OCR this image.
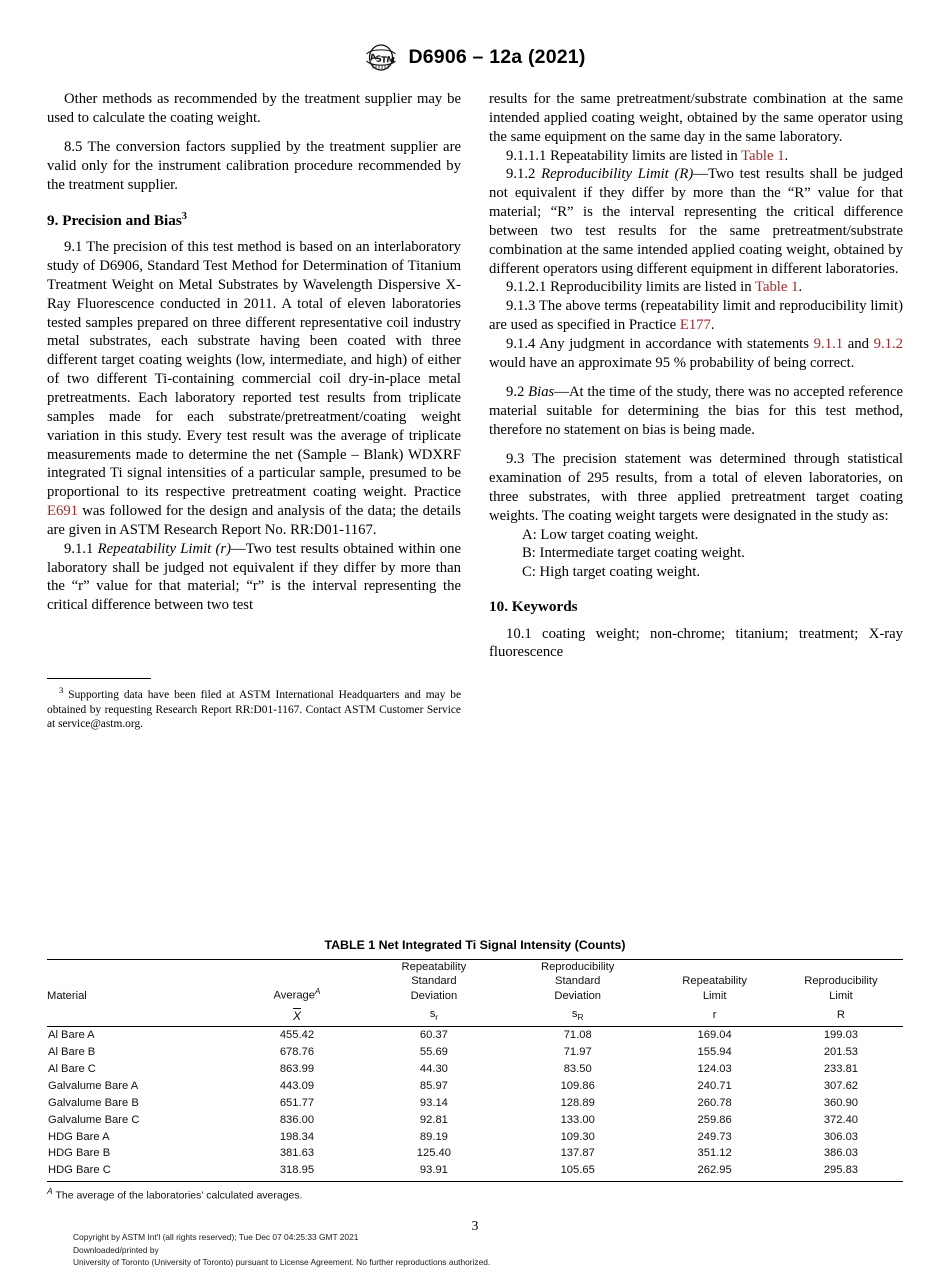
A
S
T
M D6906 – 12a (2021)

Other methods as recommended by the treatment supplier may be used to calculate the coating weight.

8.5 The conversion factors supplied by the treatment supplier are valid only for the instrument calibration procedure recommended by the treatment supplier.

9. Precision and Bias$^3$

9.1 The precision of this test method is based on an interlaboratory study of D6906, Standard Test Method for Determination of Titanium Treatment Weight on Metal Substrates by Wavelength Dispersive X-Ray Fluorescence conducted in 2011. A total of eleven laboratories tested samples prepared on three different representative coil industry metal substrates, each substrate having been coated with three different target coating weights (low, intermediate, and high) of either of two different Ti-containing commercial coil dry-in-place metal pretreatments. Each laboratory reported test results from triplicate samples made for each substrate/pretreatment/coating weight variation in this study. Every test result was the average of triplicate measurements made to determine the net (Sample – Blank) WDXRF integrated Ti signal intensities of a particular sample, presumed to be proportional to its respective pretreatment coating weight. Practice E691 was followed for the design and analysis of the data; the details are given in ASTM Research Report No. RR:D01-1167.

9.1.1 Repeatability Limit (r)—Two test results obtained within one laboratory shall be judged not equivalent if they differ by more than the “r” value for that material; “r” is the interval representing the critical difference between two test

results for the same pretreatment/substrate combination at the same intended applied coating weight, obtained by the same operator using the same equipment on the same day in the same laboratory.

9.1.1.1 Repeatability limits are listed in Table 1.

9.1.2 Reproducibility Limit (R)—Two test results shall be judged not equivalent if they differ by more than the “R” value for that material; “R” is the interval representing the critical difference between two test results for the same pretreatment/substrate combination at the same intended applied coating weight, obtained by different operators using different equipment in different laboratories.

9.1.2.1 Reproducibility limits are listed in Table 1.

9.1.3 The above terms (repeatability limit and reproducibility limit) are used as specified in Practice E177.

9.1.4 Any judgment in accordance with statements 9.1.1 and 9.1.2 would have an approximate 95 % probability of being correct.

9.2 Bias—At the time of the study, there was no accepted reference material suitable for determining the bias for this test method, therefore no statement on bias is being made.

9.3 The precision statement was determined through statistical examination of 295 results, from a total of eleven laboratories, on three substrates, with three applied pretreatment target coating weights. The coating weight targets were designated in the study as:

A: Low target coating weight.
B: Intermediate target coating weight.
C: High target coating weight.
10. Keywords

10.1 coating weight; non-chrome; titanium; treatment; X-ray fluorescence

$^3$ Supporting data have been filed at ASTM International Headquarters and may be obtained by requesting Research Report RR:D01-1167. Contact ASTM Customer Service at service@astm.org.

TABLE 1 Net Integrated Ti Signal Intensity (Counts)
Material	Average$^A$	Repeatability
Standard
Deviation	Reproducibility
Standard
Deviation	Repeatability
Limit	Reproducibility
Limit
	X	$s_r$	$s_R$	r	R
Al Bare A	455.42	60.37	71.08	169.04	199.03
Al Bare B	678.76	55.69	71.97	155.94	201.53
Al Bare C	863.99	44.30	83.50	124.03	233.81
Galvalume Bare A	443.09	85.97	109.86	240.71	307.62
Galvalume Bare B	651.77	93.14	128.89	260.78	360.90
Galvalume Bare C	836.00	92.81	133.00	259.86	372.40
HDG Bare A	198.34	89.19	109.30	249.73	306.03
HDG Bare B	381.63	125.40	137.87	351.12	386.03
HDG Bare C	318.95	93.91	105.65	262.95	295.83
$^A$ The average of the laboratories’ calculated averages.
3
Copyright by ASTM Int'l (all rights reserved); Tue Dec 07 04:25:33 GMT 2021
Downloaded/printed by
University of Toronto (University of Toronto) pursuant to License Agreement. No further reproductions authorized.
